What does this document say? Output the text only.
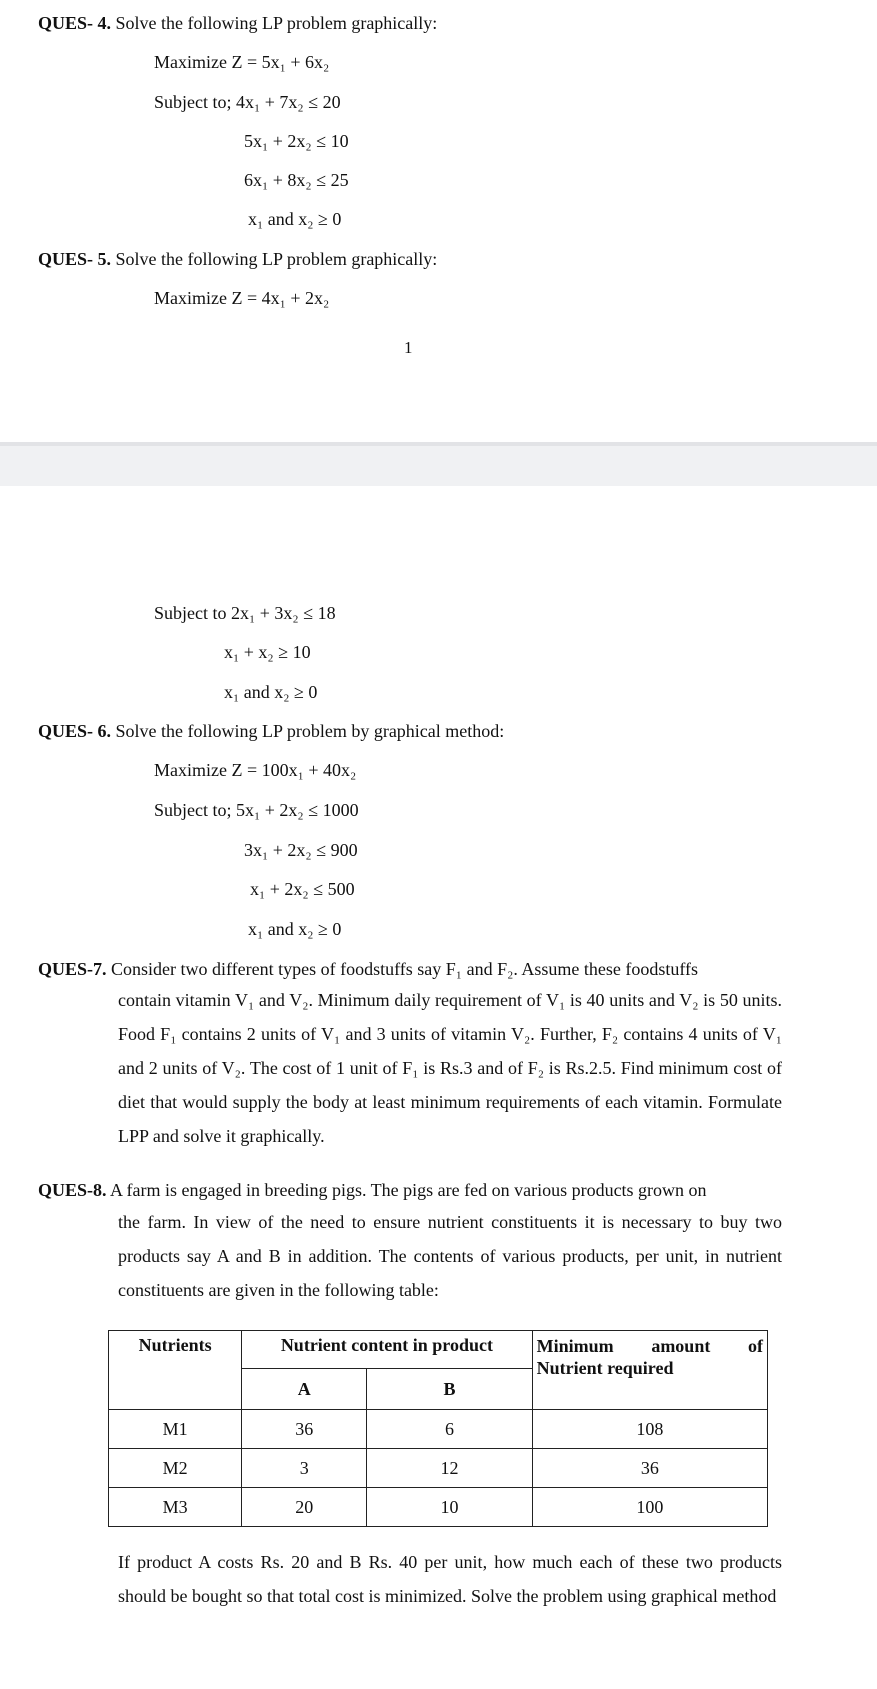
QUES- 4. Solve the following LP problem graphically:
Maximize Z = 5x₁ + 6x₂
Subject to; 4x₁ + 7x₂ ≤ 20
5x₁ + 2x₂ ≤ 10
6x₁ + 8x₂ ≤ 25
x₁ and x₂ ≥ 0
QUES- 5. Solve the following LP problem graphically:
Maximize Z = 4x₁ + 2x₂
1
Subject to 2x₁ + 3x₂ ≤ 18
x₁ + x₂ ≥ 10
x₁ and x₂ ≥ 0
QUES- 6. Solve the following LP problem by graphical method:
Maximize Z = 100x₁ + 40x₂
Subject to; 5x₁ + 2x₂ ≤ 1000
3x₁ + 2x₂ ≤ 900
x₁ + 2x₂ ≤ 500
x₁ and x₂ ≥ 0
QUES-7. Consider two different types of foodstuffs say F₁ and F₂. Assume these foodstuffs
contain vitamin V₁ and V₂. Minimum daily requirement of V₁ is 40 units and V₂ is 50 units. Food F₁ contains 2 units of V₁ and 3 units of vitamin V₂. Further, F₂ contains 4 units of V₁ and 2 units of V₂. The cost of 1 unit of F₁ is Rs.3 and of F₂ is Rs.2.5. Find minimum cost of diet that would supply the body at least minimum requirements of each vitamin. Formulate LPP and solve it graphically.
QUES-8. A farm is engaged in breeding pigs. The pigs are fed on various products grown on
the farm. In view of the need to ensure nutrient constituents it is necessary to buy two products say A and B in addition. The contents of various products, per unit, in nutrient constituents are given in the following table:
Nutrients	Nutrient content in product		Minimum amount of
Nutrient required

	A	B	
M1	36	6	108
M2	3	12	36
M3	20	10	100
If product A costs Rs. 20 and B Rs. 40 per unit, how much each of these two products should be bought so that total cost is minimized. Solve the problem using graphical method
